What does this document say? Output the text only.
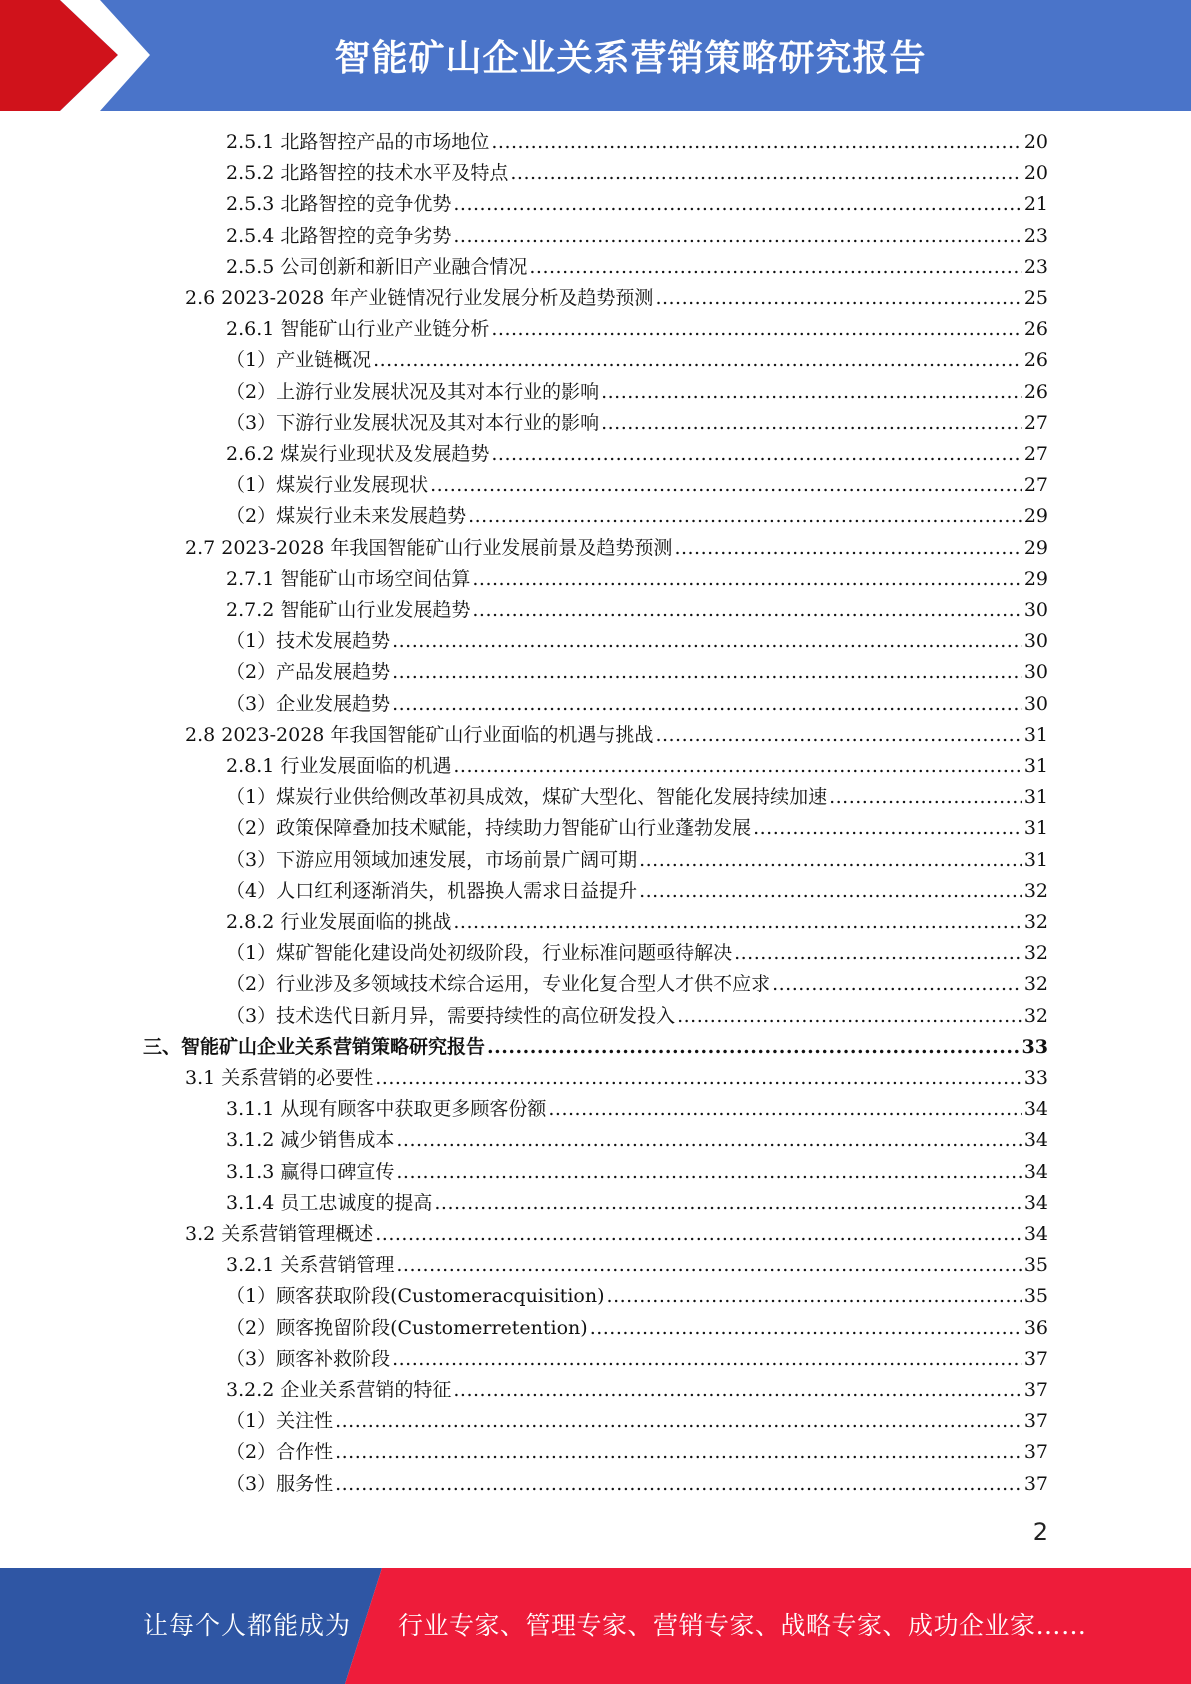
智能矿山企业关系营销策略研究报告
2.5.1 北路智控产品的市场地位 .....	20
2.5.2 北路智控的技术水平及特点 .....	20
2.5.3 北路智控的竞争优势 .....	21
2.5.4 北路智控的竞争劣势 .....	23
2.5.5 公司创新和新旧产业融合情况 .....	23
2.6 2023-2028 年产业链情况行业发展分析及趋势预测 .....	25
2.6.1 智能矿山行业产业链分析 .....	26
（1）产业链概况 .....	26
（2）上游行业发展状况及其对本行业的影响 .....	26
（3）下游行业发展状况及其对本行业的影响 .....	27
2.6.2 煤炭行业现状及发展趋势 .....	27
（1）煤炭行业发展现状 .....	27
（2）煤炭行业未来发展趋势 .....	29
2.7 2023-2028 年我国智能矿山行业发展前景及趋势预测 .....	29
2.7.1 智能矿山市场空间估算 .....	29
2.7.2 智能矿山行业发展趋势 .....	30
（1）技术发展趋势 .....	30
（2）产品发展趋势 .....	30
（3）企业发展趋势 .....	30
2.8 2023-2028 年我国智能矿山行业面临的机遇与挑战 .....	31
2.8.1 行业发展面临的机遇 .....	31
（1）煤炭行业供给侧改革初具成效，煤矿大型化、智能化发展持续加速 .....	31
（2）政策保障叠加技术赋能，持续助力智能矿山行业蓬勃发展 .....	31
（3）下游应用领域加速发展，市场前景广阔可期 .....	31
（4）人口红利逐渐消失，机器换人需求日益提升 .....	32
2.8.2 行业发展面临的挑战 .....	32
（1）煤矿智能化建设尚处初级阶段，行业标准问题亟待解决 .....	32
（2）行业涉及多领域技术综合运用，专业化复合型人才供不应求 .....	32
（3）技术迭代日新月异，需要持续性的高位研发投入 .....	32
三、智能矿山企业关系营销策略研究报告 .....	33
3.1 关系营销的必要性 .....	33
3.1.1 从现有顾客中获取更多顾客份额 .....	34
3.1.2 减少销售成本 .....	34
3.1.3 赢得口碑宣传 .....	34
3.1.4 员工忠诚度的提高 .....	34
3.2 关系营销管理概述 .....	34
3.2.1 关系营销管理 .....	35
（1）顾客获取阶段(Customeracquisition) .....	35
（2）顾客挽留阶段(Customerretention) .....	36
（3）顾客补救阶段 .....	37
3.2.2 企业关系营销的特征 .....	37
（1）关注性 .....	37
（2）合作性 .....	37
（3）服务性 .....	37
2
让每个人都能成为 行业专家、管理专家、营销专家、战略专家、成功企业家……
